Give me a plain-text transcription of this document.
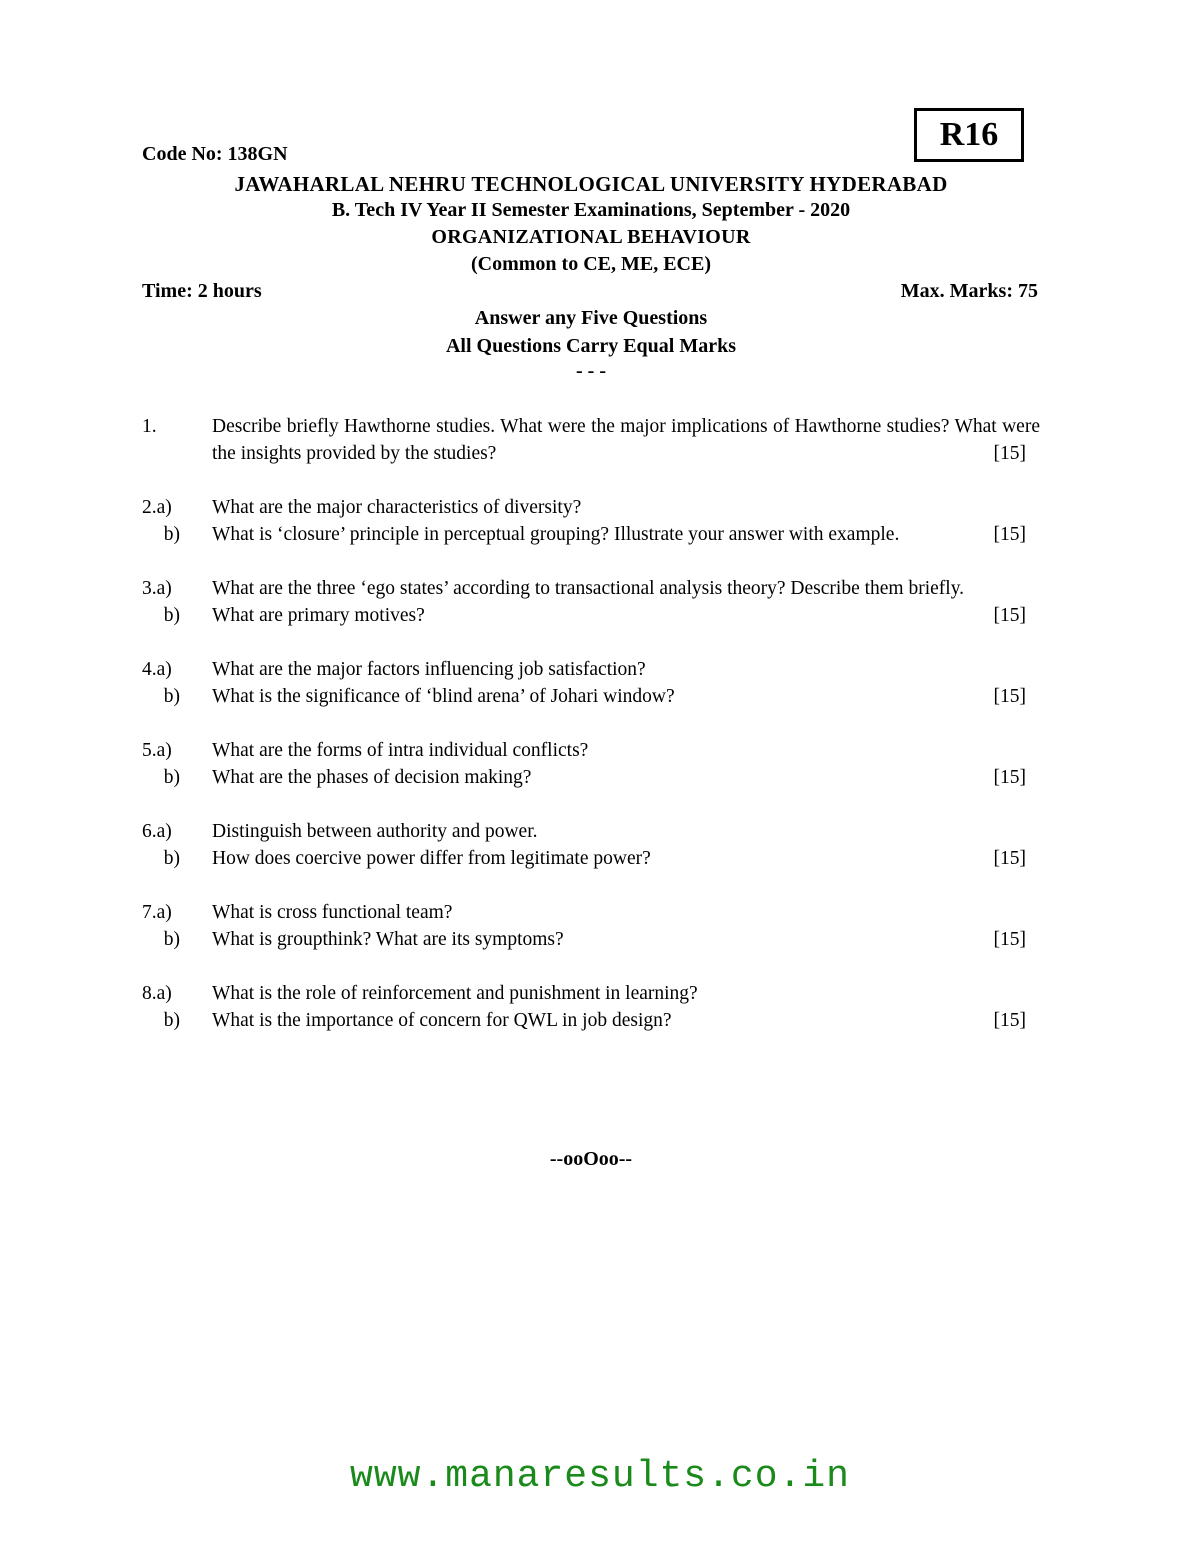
Code No: 138GN
R16
JAWAHARLAL NEHRU TECHNOLOGICAL UNIVERSITY HYDERABAD
B. Tech IV Year II Semester Examinations, September - 2020
ORGANIZATIONAL BEHAVIOUR
(Common to CE, ME, ECE)
Time: 2 hours	Max. Marks: 75
Answer any Five Questions
All Questions Carry Equal Marks
- - -
1.	Describe briefly Hawthorne studies. What were the major implications of Hawthorne studies? What were the insights provided by the studies?	[15]
2.a)	What are the major characteristics of diversity?
b)	What is ‘closure’ principle in perceptual grouping? Illustrate your answer with example.	[15]
3.a)	What are the three ‘ego states’ according to transactional analysis theory? Describe them briefly.
b)	What are primary motives?	[15]
4.a)	What are the major factors influencing job satisfaction?
b)	What is the significance of ‘blind arena’ of Johari window?	[15]
5.a)	What are the forms of intra individual conflicts?
b)	What are the phases of decision making?	[15]
6.a)	Distinguish between authority and power.
b)	How does coercive power differ from legitimate power?	[15]
7.a)	What is cross functional team?
b)	What is groupthink? What are its symptoms?	[15]
8.a)	What is the role of reinforcement and punishment in learning?
b)	What is the importance of concern for QWL in job design?	[15]
--ooOoo--
www.manaresults.co.in
